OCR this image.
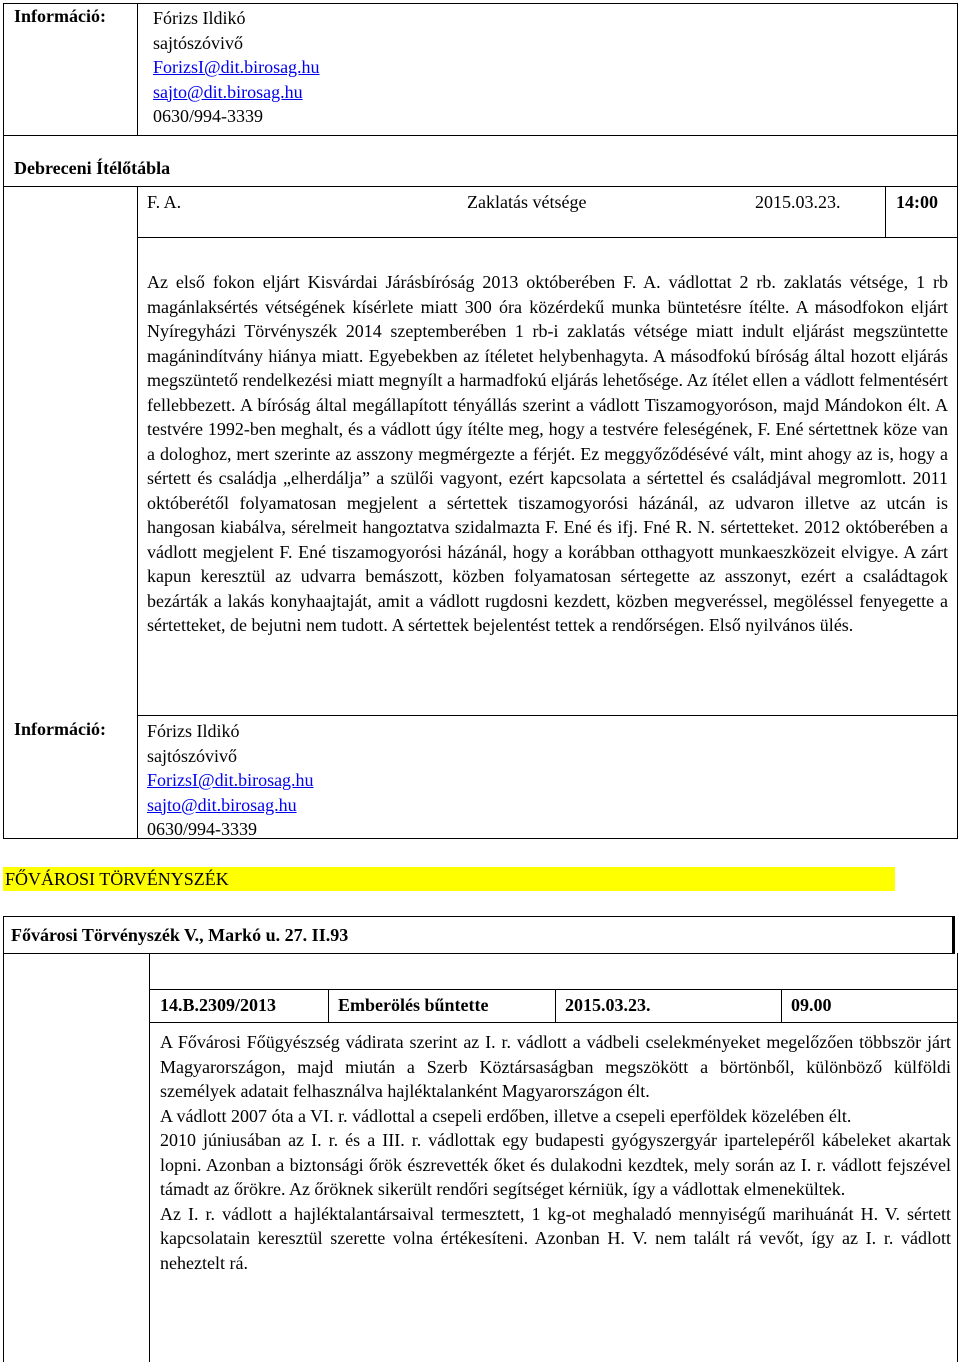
Információ:	Fórizs Ildikó
sajtószóvivő
ForizsI@dit.birosag.hu
sajto@dit.birosag.hu
0630/994-3339
Debreceni Ítélőtábla
F. A.	Zaklatás vétsége	2015.03.23.	14:00
Az első fokon eljárt Kisvárdai Járásbíróság 2013 októberében F. A. vádlottat 2 rb. zaklatás vétsége, 1 rb magánlaksértés vétségének kísérlete miatt 300 óra közérdekű munka büntetésre ítélte. A másodfokon eljárt Nyíregyházi Törvényszék 2014 szeptemberében 1 rb-i zaklatás vétsége miatt indult eljárást megszüntette magánindítvány hiánya miatt. Egyebekben az ítéletet helybenhagyta. A másodfokú bíróság által hozott eljárás megszüntető rendelkezési miatt megnyílt a harmadfokú eljárás lehetősége. Az ítélet ellen a vádlott felmentésért fellebbezett. A bíróság által megállapított tényállás szerint a vádlott Tiszamogyoróson, majd Mándokon élt. A testvére 1992-ben meghalt, és a vádlott úgy ítélte meg, hogy a testvére feleségének, F. Ené sértettnek köze van a dologhoz, mert szerinte az asszony megmérgezte a férjét. Ez meggyőződésévé vált, mint ahogy az is, hogy a sértett és családja „elherdálja” a szülői vagyont, ezért kapcsolata a sértettel és családjával megromlott. 2011 októberétől folyamatosan megjelent a sértettek tiszamogyorósi házánál, az udvaron illetve az utcán is hangosan kiabálva, sérelmeit hangoztatva szidalmazta F. Ené és ifj. Fné R. N. sértetteket. 2012 októberében a vádlott megjelent F. Ené tiszamogyorósi házánál, hogy a korábban otthagyott munkaeszközeit elvigye. A zárt kapun keresztül az udvarra bemászott, közben folyamatosan sértegette az asszonyt, ezért a családtagok bezárták a lakás konyhaajtaját, amit a vádlott rugdosni kezdett, közben megveréssel, megöléssel fenyegette a sértetteket, de bejutni nem tudott. A sértettek bejelentést tettek a rendőrségen. Első nyilvános ülés.
Információ: Fórizs Ildikó
sajtószóvivő
ForizsI@dit.birosag.hu
sajto@dit.birosag.hu
0630/994-3339
FŐVÁROSI TÖRVÉNYSZÉK
Fővárosi Törvényszék V., Markó u. 27. II.93
14.B.2309/2013	Emberölés bűntette	2015.03.23.	09.00
A Fővárosi Főügyészség vádirata szerint az I. r. vádlott a vádbeli cselekményeket megelőzően többször járt Magyarországon, majd miután a Szerb Köztársaságban megszökött a börtönből, különböző külföldi személyek adatait felhasználva hajléktalanként Magyarországon élt.
A vádlott 2007 óta a VI. r. vádlottal a csepeli erdőben, illetve a csepeli eperföldek közelében élt.
2010 júniusában az I. r. és a III. r. vádlottak egy budapesti gyógyszergyár ipartelepéről kábeleket akartak lopni. Azonban a biztonsági őrök észrevették őket és dulakodni kezdtek, mely során az I. r. vádlott fejszével támadt az őrökre. Az őröknek sikerült rendőri segítséget kérniük, így a vádlottak elmenekültek.
Az I. r. vádlott a hajléktalantársaival termesztett, 1 kg-ot meghaladó mennyiségű marihuánát H. V. sértett kapcsolatain keresztül szerette volna értékesíteni. Azonban H. V. nem talált rá vevőt, így az I. r. vádlott neheztelt rá.
